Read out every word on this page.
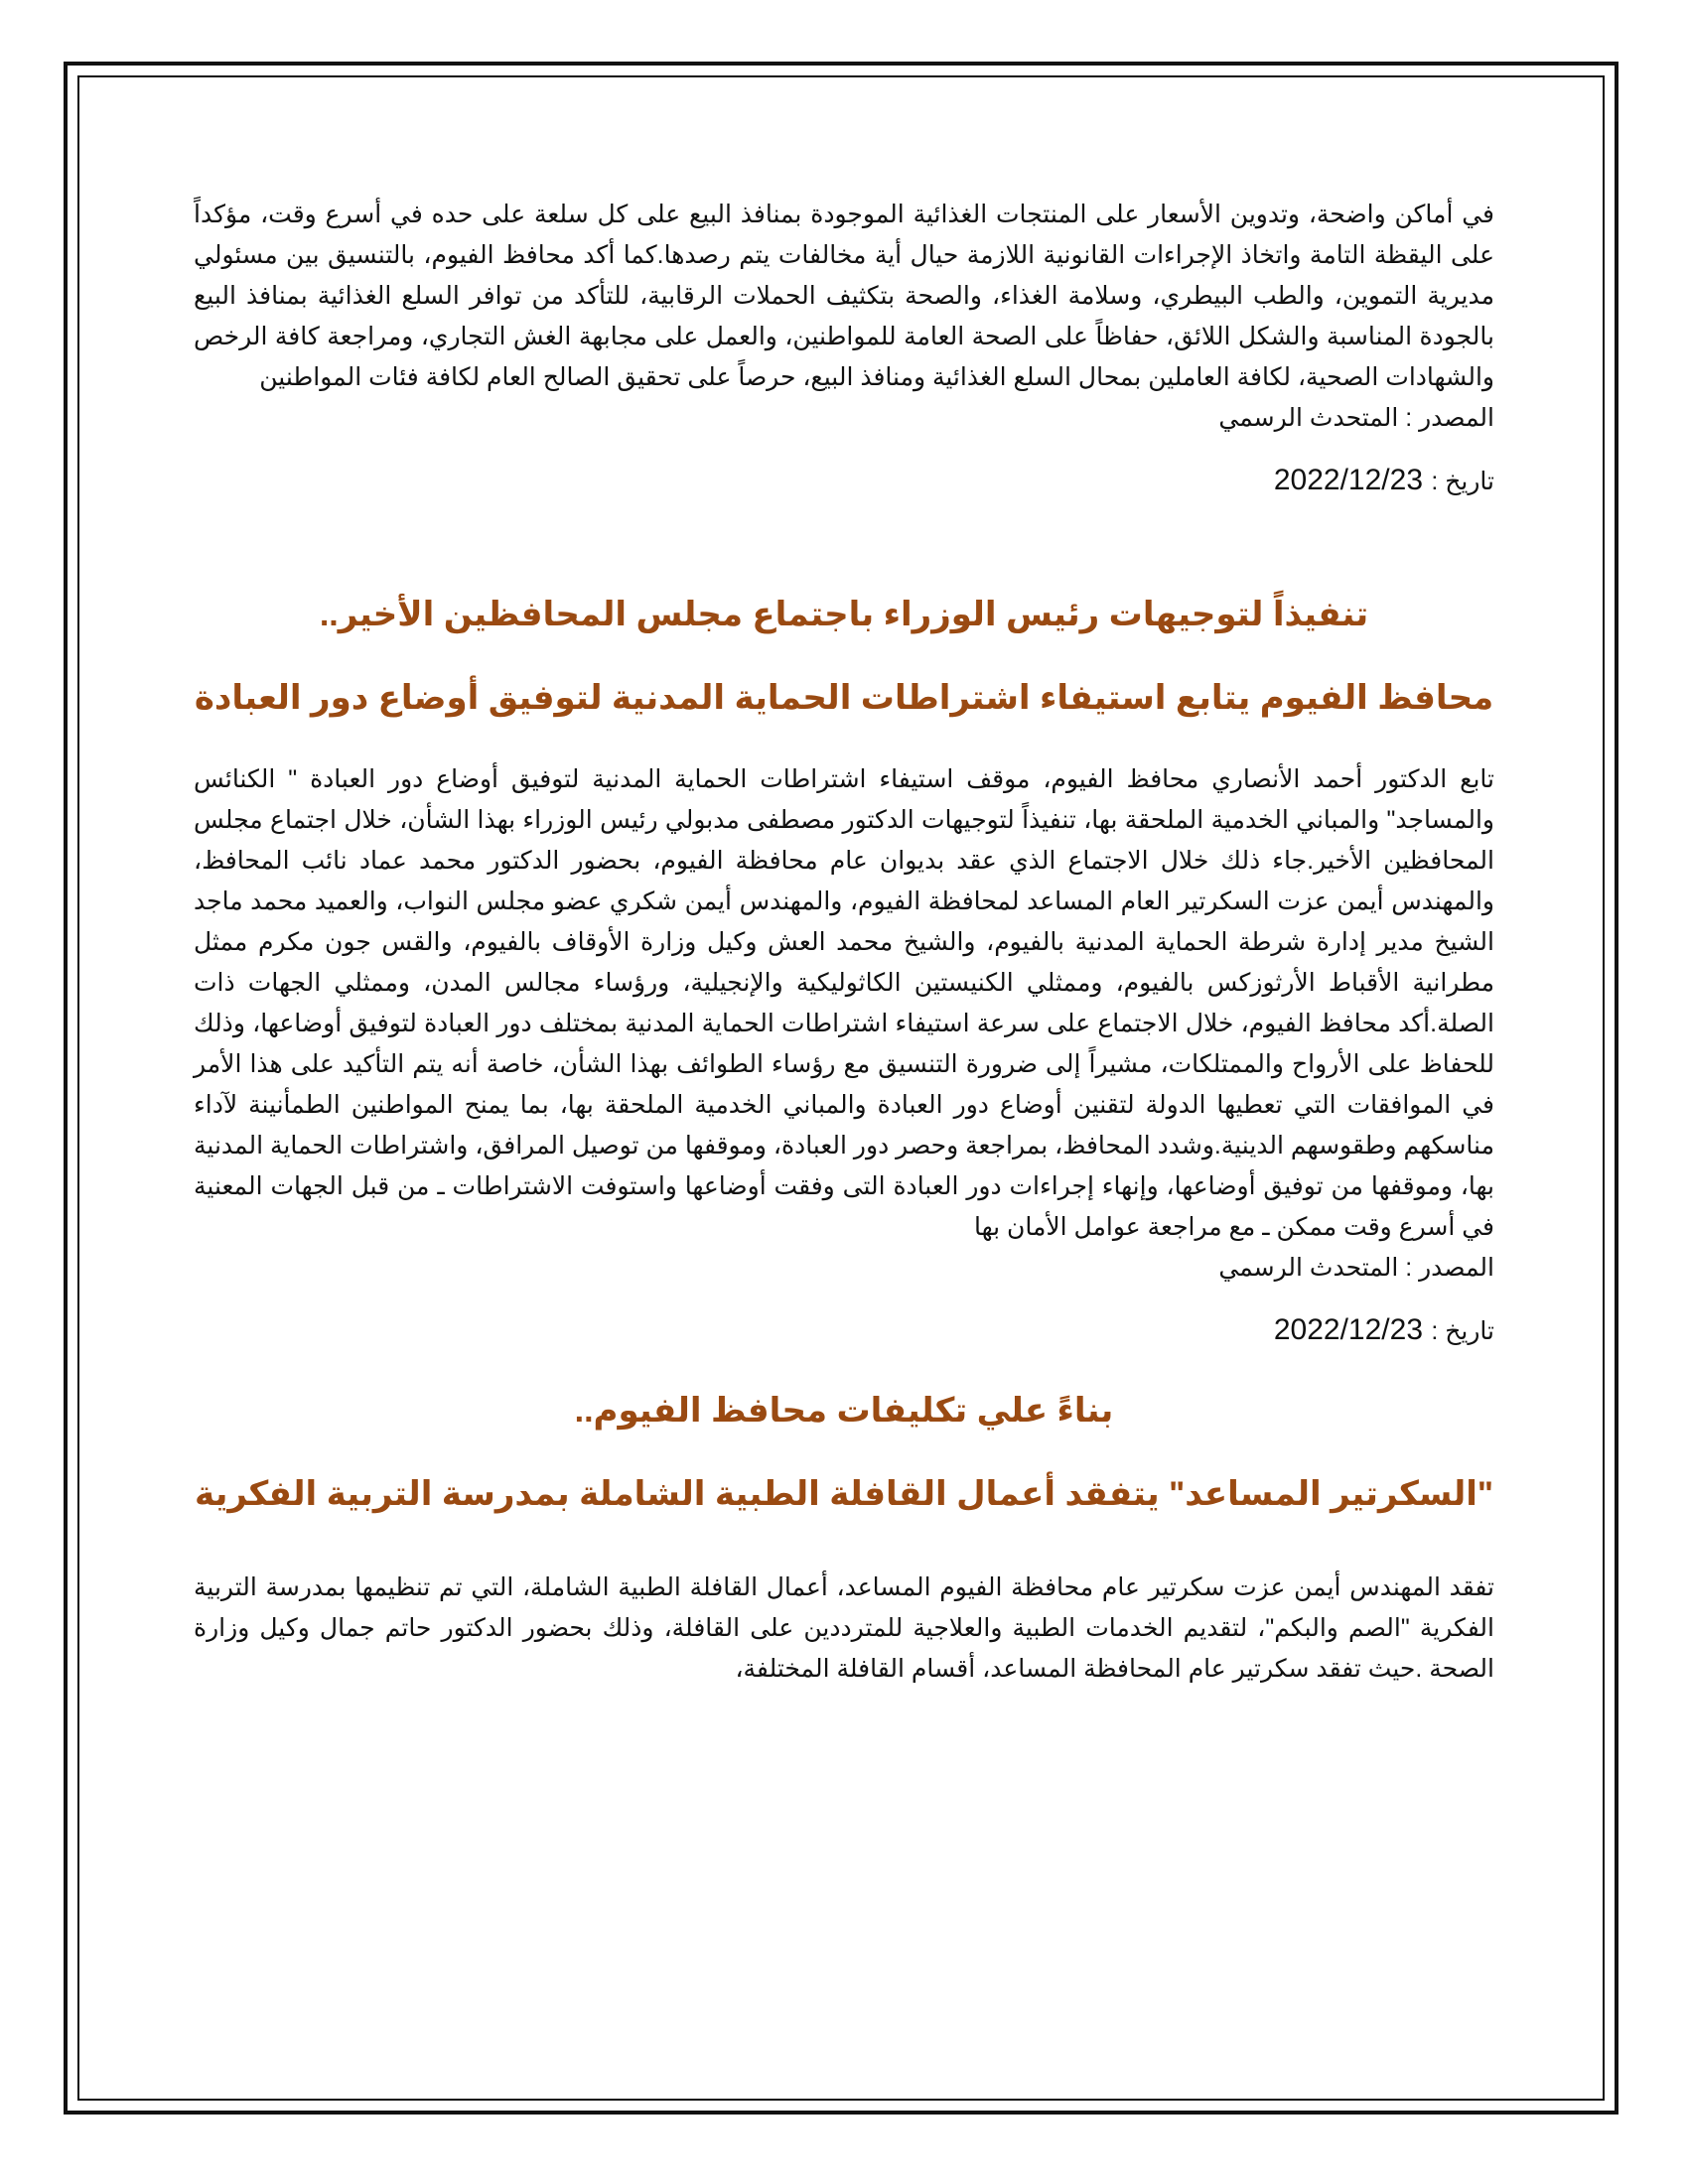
في أماكن واضحة، وتدوين الأسعار على المنتجات الغذائية الموجودة بمنافذ البيع على كل سلعة على حده في أسرع وقت، مؤكداً على اليقظة التامة واتخاذ الإجراءات القانونية اللازمة حيال أية مخالفات يتم رصدها.كما أكد محافظ الفيوم، بالتنسيق بين مسئولي مديرية التموين، والطب البيطري، وسلامة الغذاء، والصحة بتكثيف الحملات الرقابية، للتأكد من توافر السلع الغذائية بمنافذ البيع بالجودة المناسبة والشكل اللائق، حفاظاً على الصحة العامة للمواطنين، والعمل على مجابهة الغش التجاري، ومراجعة كافة الرخص والشهادات الصحية، لكافة العاملين بمحال السلع الغذائية ومنافذ البيع، حرصاً على تحقيق الصالح العام لكافة فئات المواطنين

المصدر : المتحدث الرسمي

تاريخ : 2022/12/23

تنفيذاً لتوجيهات رئيس الوزراء باجتماع مجلس المحافظين الأخير..
محافظ الفيوم يتابع استيفاء اشتراطات الحماية المدنية لتوفيق أوضاع دور العبادة

تابع الدكتور أحمد الأنصاري محافظ الفيوم، موقف استيفاء اشتراطات الحماية المدنية لتوفيق أوضاع دور العبادة " الكنائس والمساجد" والمباني الخدمية الملحقة بها، تنفيذاً لتوجيهات الدكتور مصطفى مدبولي رئيس الوزراء بهذا الشأن، خلال اجتماع مجلس المحافظين الأخير.جاء ذلك خلال الاجتماع الذي عقد بديوان عام محافظة الفيوم، بحضور الدكتور محمد عماد نائب المحافظ، والمهندس أيمن عزت السكرتير العام المساعد لمحافظة الفيوم، والمهندس أيمن شكري عضو مجلس النواب، والعميد محمد ماجد الشيخ مدير إدارة شرطة الحماية المدنية بالفيوم، والشيخ محمد العش وكيل وزارة الأوقاف بالفيوم، والقس جون مكرم ممثل مطرانية الأقباط الأرثوزكس بالفيوم، وممثلي الكنيستين الكاثوليكية والإنجيلية، ورؤساء مجالس المدن، وممثلي الجهات ذات الصلة.أكد محافظ الفيوم، خلال الاجتماع على سرعة استيفاء اشتراطات الحماية المدنية بمختلف دور العبادة لتوفيق أوضاعها، وذلك للحفاظ على الأرواح والممتلكات، مشيراً إلى ضرورة التنسيق مع رؤساء الطوائف بهذا الشأن، خاصة أنه يتم التأكيد على هذا الأمر في الموافقات التي تعطيها الدولة لتقنين أوضاع دور العبادة والمباني الخدمية الملحقة بها، بما يمنح المواطنين الطمأنينة لآداء مناسكهم وطقوسهم الدينية.وشدد المحافظ، بمراجعة وحصر دور العبادة، وموقفها من توصيل المرافق، واشتراطات الحماية المدنية بها، وموقفها من توفيق أوضاعها، وإنهاء إجراءات دور العبادة التى وفقت أوضاعها واستوفت الاشتراطات ـ من قبل الجهات المعنية في أسرع وقت ممكن ـ مع مراجعة عوامل الأمان بها

المصدر : المتحدث الرسمي

تاريخ : 2022/12/23

بناءً علي تكليفات محافظ الفيوم..
"السكرتير المساعد" يتفقد أعمال القافلة الطبية الشاملة بمدرسة التربية الفكرية

تفقد المهندس أيمن عزت سكرتير عام محافظة الفيوم المساعد، أعمال القافلة الطبية الشاملة، التي تم تنظيمها بمدرسة التربية الفكرية "الصم والبكم"، لتقديم الخدمات الطبية والعلاجية للمترددين على القافلة، وذلك بحضور الدكتور حاتم جمال وكيل وزارة الصحة .حيث تفقد سكرتير عام المحافظة المساعد، أقسام القافلة المختلفة،
